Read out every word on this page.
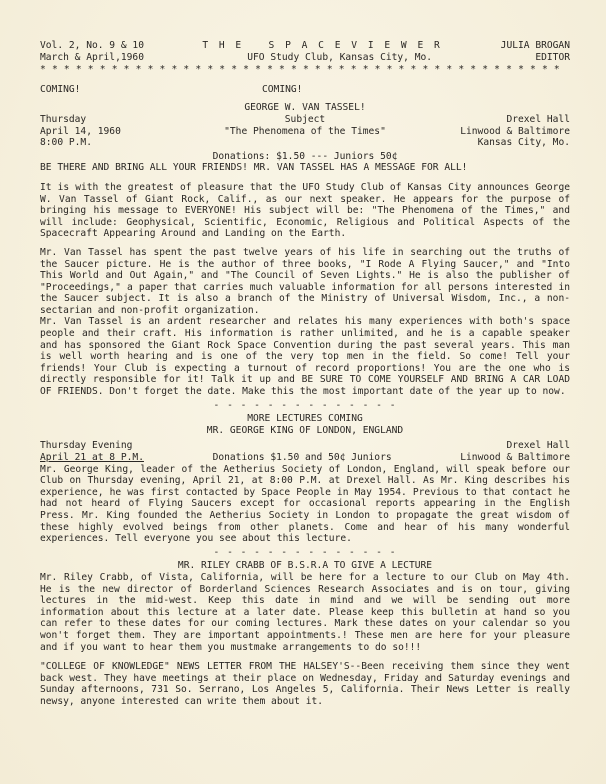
Vol. 2, No. 9 & 10	T H E   S P A C E V I E W E R	JULIA BROGAN
March & April,1960	UFO Study Club, Kansas City, Mo.	EDITOR
* * * * * * * * * * * * * * * * * * * * * * * * * * * * * * * * * * * * * * * * * * * *
COMING!	COMING!
GEORGE W. VAN TASSEL!
Thursday	Subject	Drexel Hall
April 14, 1960	"The Phenomena of the Times"	Linwood & Baltimore
8:00 P.M.	Kansas City, Mo.
Donations: $1.50 --- Juniors 50¢
BE THERE AND BRING ALL YOUR FRIENDS! MR. VAN TASSEL HAS A MESSAGE FOR ALL!

It is with the greatest of pleasure that the UFO Study Club of Kansas City announces George W. Van Tassel of Giant Rock, Calif., as our next speaker. He appears for the purpose of bringing his message to EVERYONE! His subject will be: "The Phenomena of the Times," and will include: Geophysical, Scientific, Economic, Religious and Political Aspects of the Spacecraft Appearing Around and Landing on the Earth.

Mr. Van Tassel has spent the past twelve years of his life in searching out the truths of the Saucer picture. He is the author of three books, "I Rode A Flying Saucer," and "Into This World and Out Again," and "The Council of Seven Lights." He is also the publisher of "Proceedings," a paper that carries much valuable information for all persons interested in the Saucer subject. It is also a branch of the Ministry of Universal Wisdom, Inc., a non-sectarian and non-profit organization.

Mr. Van Tassel is an ardent researcher and relates his many experiences with both's space people and their craft. His information is rather unlimited, and he is a capable speaker and has sponsored the Giant Rock Space Convention during the past several years. This man is well worth hearing and is one of the very top men in the field. So come! Tell your friends! Your Club is expecting a turnout of record proportions! You are the one who is directly responsible for it! Talk it up and BE SURE TO COME YOURSELF AND BRING A CAR LOAD OF FRIENDS. Don't forget the date. Make this the most important date of the year up to now.

- - - - - - - - - - - - - -
MORE LECTURES COMING
MR. GEORGE KING OF LONDON, ENGLAND
Thursday Evening	Drexel Hall
April 21 at 8 P.M.	Donations $1.50 and 50¢ Juniors	Linwood & Baltimore

Mr. George King, leader of the Aetherius Society of London, England, will speak before our Club on Thursday evening, April 21, at 8:00 P.M. at Drexel Hall. As Mr. King describes his experience, he was first contacted by Space People in May 1954. Previous to that contact he had not heard of Flying Saucers except for occasional reports appearing in the English Press. Mr. King founded the Aetherius Society in London to propagate the great wisdom of these highly evolved beings from other planets. Come and hear of his many wonderful experiences. Tell everyone you see about this lecture.

- - - - - - - - - - - - - -
MR. RILEY CRABB OF B.S.R.A TO GIVE A LECTURE

Mr. Riley Crabb, of Vista, California, will be here for a lecture to our Club on May 4th. He is the new director of Borderland Sciences Research Associates and is on tour, giving lectures in the mid-west. Keep this date in mind and we will be sending out more information about this lecture at a later date. Please keep this bulletin at hand so you can refer to these dates for our coming lectures. Mark these dates on your calendar so you won't forget them. They are important appointments.! These men are here for your pleasure and if you want to hear them you mustmake arrangements to do so!!!

"COLLEGE OF KNOWLEDGE" NEWS LETTER FROM THE HALSEY'S--Been receiving them since they went back west. They have meetings at their place on Wednesday, Friday and Saturday evenings and Sunday afternoons, 731 So. Serrano, Los Angeles 5, California. Their News Letter is really newsy, anyone interested can write them about it.
